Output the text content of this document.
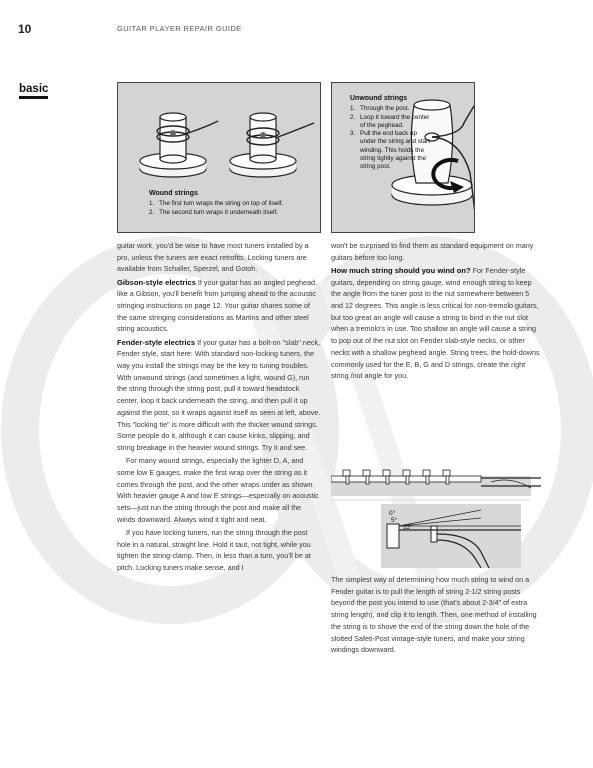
10	GUITAR PLAYER REPAIR GUIDE
basic
Wound strings
1. The first turn wraps the string on top of itself.
2. The second turn wraps it underneath itself.
Unwound strings
1. Through the post.
2. Loop it toward the center of the peghead.
3. Pull the end back up under the string and start winding. This holds the string tightly against the string post.

guitar work, you'd be wise to have most tuners installed by a pro, unless the tuners are exact retrofits. Locking tuners are available from Schaller, Sperzel, and Gotoh.

Gibson-style electrics If your guitar has an angled peghead, like a Gibson, you'll benefit from jumping ahead to the acoustic stringing instructions on page 12. Your guitar shares some of the same stringing considerations as Martins and other steel string acoustics.

Fender-style electrics If your guitar has a bolt-on "slab" neck, Fender style, start here: With standard non-locking tuners, the way you install the strings may be the key to tuning troubles. With unwound strings (and sometimes a light, wound G), run the string through the string post, pull it toward headstock center, loop it back underneath the string, and then pull it up against the post, so it wraps against itself as seen at left, above. This "locking tie" is more difficult with the thicker wound strings. Some people do it, although it can cause kinks, slipping, and string breakage in the heavier wound strings. Try it and see.

For many wound strings, especially the lighter D, A, and some low E gauges, make the first wrap over the string as it comes through the post, and the other wraps under as shown. With heavier gauge A and low E strings—especially on acoustic sets—just run the string through the post and make all the winds downward. Always wind it tight and neat.

If you have locking tuners, run the string through the post hole in a natural, straight line. Hold it taut, not tight, while you tighten the string-clamp. Then, in less than a turn, you'll be at pitch. Locking tuners make sense, and I

won't be surprised to find them as standard equipment on many guitars before too long.

How much string should you wind on? For Fender-style guitars, depending on string gauge, wind enough string to keep the angle from the tuner post to the nut somewhere between 5 and 12 degrees. This angle is less critical for non-tremolo guitars, but too great an angle will cause a string to bind in the nut slot when a tremolo's in use. Too shallow an angle will cause a string to pop out of the nut slot on Fender slab-style necks, or other necks with a shallow peghead angle. String trees, the hold-downs commonly used for the E, B, G and D strings, create the right string /nut angle for you.

0°
5°
12°

The simplest way of determining how much string to wind on a Fender guitar is to pull the length of string 2-1/2 string posts beyond the post you intend to use (that's about 2-3/4" of extra string length), and clip it to length. Then, one method of installing the string is to shove the end of the string down the hole of the slotted Safeti-Post vintage-style tuners, and make your string windings downward.
